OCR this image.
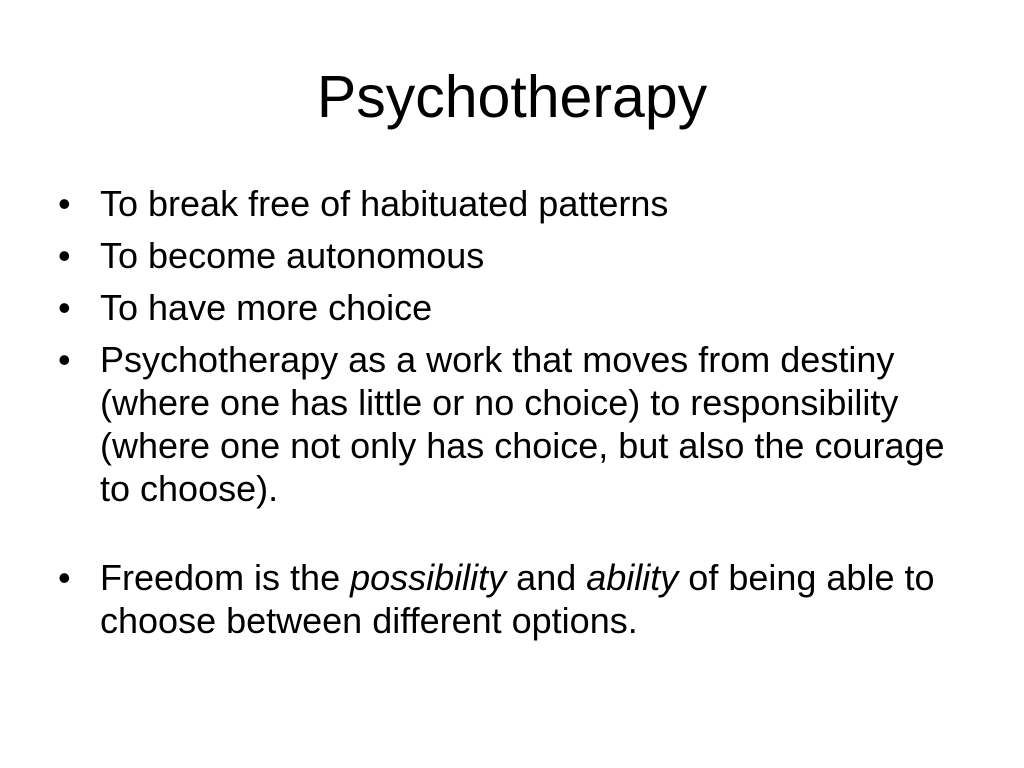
Psychotherapy
• To break free of habituated patterns
• To become autonomous
• To have more choice
• Psychotherapy as a work that moves from destiny (where one has little or no choice) to responsibility (where one not only has choice, but also the courage to choose).
• Freedom is the possibility and ability of being able to choose between different options.
